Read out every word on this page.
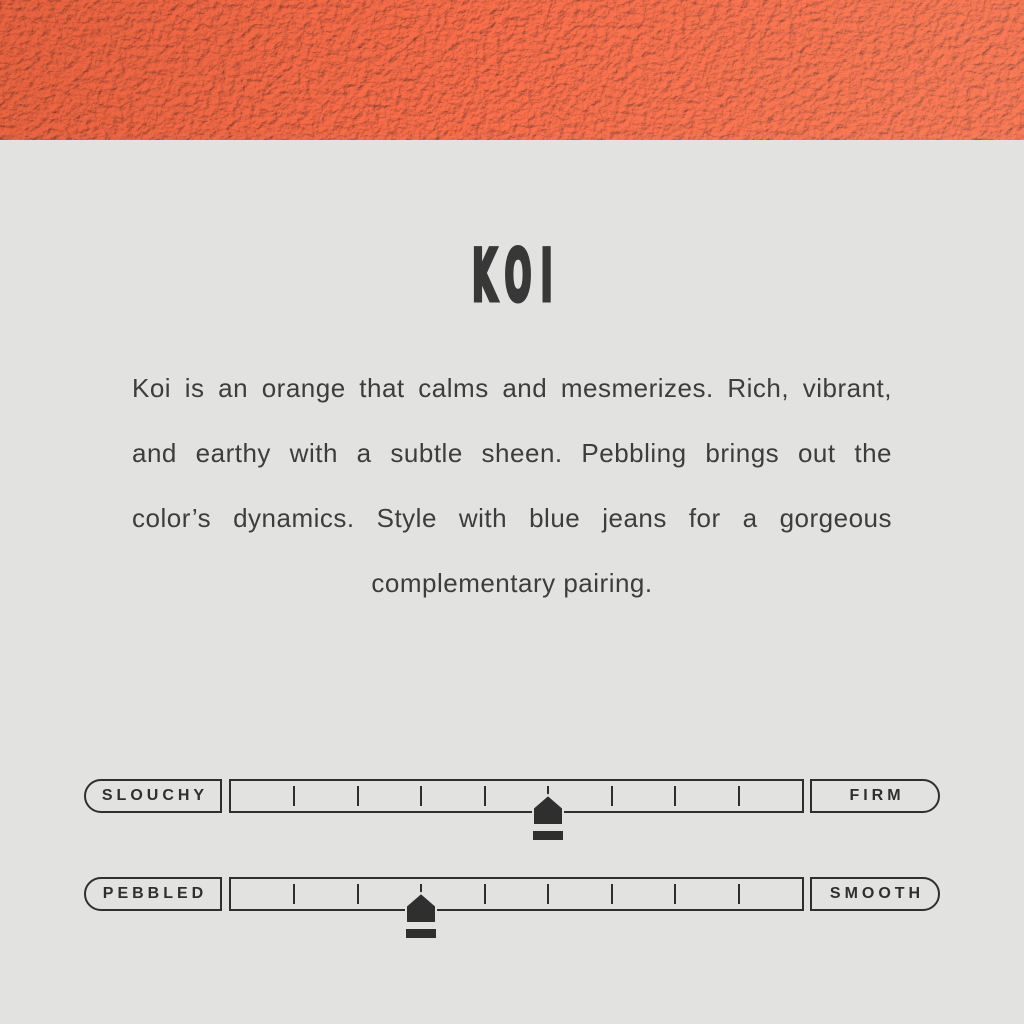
KOI
Koi is an orange that calms and mesmerizes. Rich, vibrant,
and earthy with a subtle sheen. Pebbling brings out the
color’s dynamics. Style with blue jeans for a gorgeous
complementary pairing.
SLOUCHY	FIRM
PEBBLED	SMOOTH
